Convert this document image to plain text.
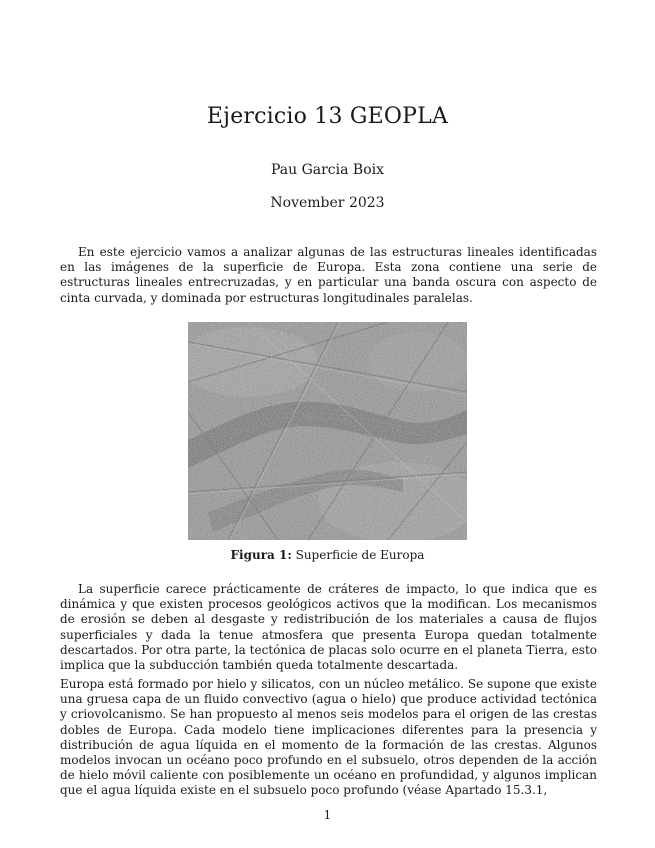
Ejercicio 13 GEOPLA
Pau Garcia Boix
November 2023

En este ejercicio vamos a analizar algunas de las estructuras lineales identificadas en las imágenes de la superficie de Europa. Esta zona contiene una serie de estructuras lineales entrecruzadas, y en particular una banda oscura con aspecto de cinta curvada, y dominada por estructuras longitudinales paralelas.

Figura 1: Superficie de Europa

La superficie carece prácticamente de cráteres de impacto, lo que indica que es dinámica y que existen procesos geológicos activos que la modifican. Los mecanismos de erosión se deben al desgaste y redistribución de los materiales a causa de flujos superficiales y dada la tenue atmosfera que presenta Europa quedan totalmente descartados. Por otra parte, la tectónica de placas solo ocurre en el planeta Tierra, esto implica que la subducción también queda totalmente descartada.

Europa está formado por hielo y silicatos, con un núcleo metálico. Se supone que existe una gruesa capa de un fluido convectivo (agua o hielo) que produce actividad tectónica y criovolcanismo. Se han propuesto al menos seis modelos para el origen de las crestas dobles de Europa. Cada modelo tiene implicaciones diferentes para la presencia y distribución de agua líquida en el momento de la formación de las crestas. Algunos modelos invocan un océano poco profundo en el subsuelo, otros dependen de la acción de hielo móvil caliente con posiblemente un océano en profundidad, y algunos implican que el agua líquida existe en el subsuelo poco profundo (véase Apartado 15.3.1,

1
